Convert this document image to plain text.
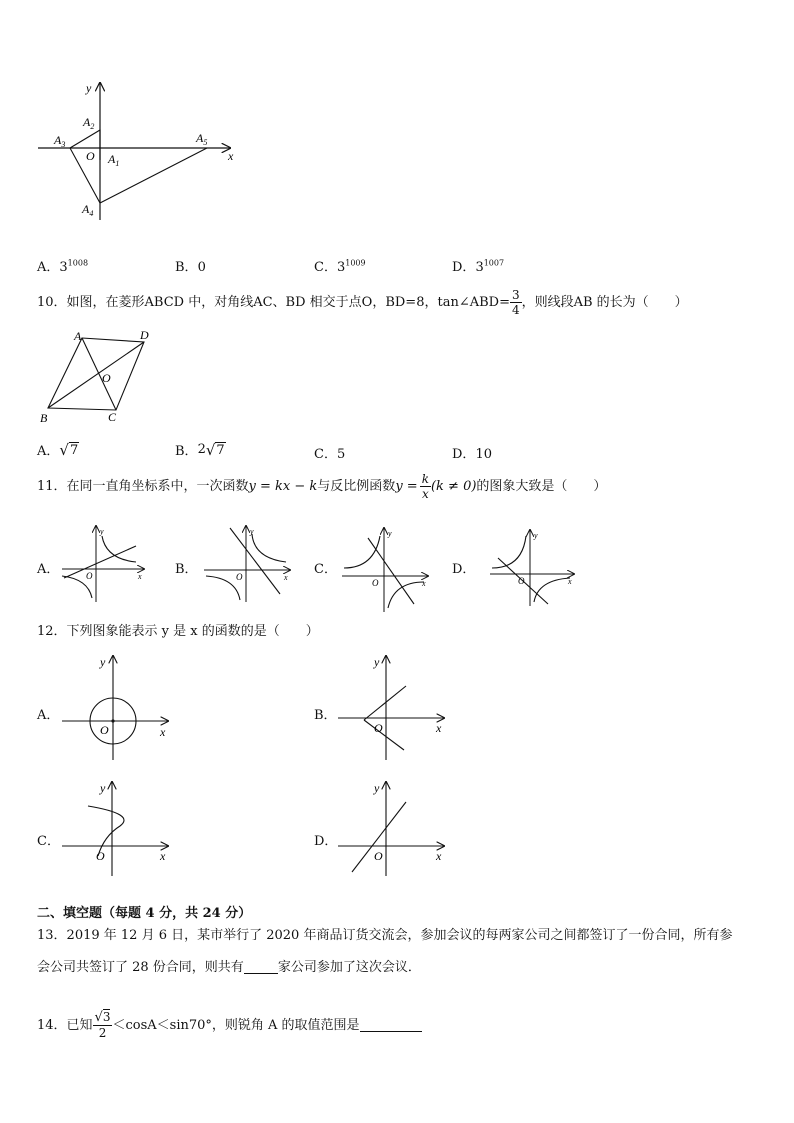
y
x
O
$A_3$
$A_2$
$A_1$
$A_4$
$A_5$
A．$3^{1008}$	B．0	C．$3^{1009}$	D．$3^{1007}$
10．如图，在菱形ABCD 中，对角线AC、BD 相交于点O，BD=8，tan∠ABD= $\frac{3}{4}$ ，则线段AB 的长为（　　）
A	D
O
B	C
A． √ 7	B． 2 √ 7	C．5	D．10
11．在同一直角坐标系中，一次函数 y = kx − k 与反比例函数 $y = \frac{k}{x} (k \ne 0)$ 的图象大致是（　　）
A．
y
x
O	B．
y
x
O	C．
y
x
O
D．
y
x
O
12．下列图象能表示 y 是 x 的函数的是（　　）
A．
y
x
O
B．
y
x
O
C．
y
x
O
D．
y
x
O
二、填空题（每题 4 分，共 24 分）
13．2019 年 12 月 6 日，某市举行了 2020 年商品订货交流会，参加会议的每两家公司之间都签订了一份合同，所有参
会公司共签订了 28 份合同，则共有	家公司参加了这次会议．
14．已知 $\frac{√3}{2} <\cos A<\sin 70^\circ$，则锐角 A 的取值范围是
